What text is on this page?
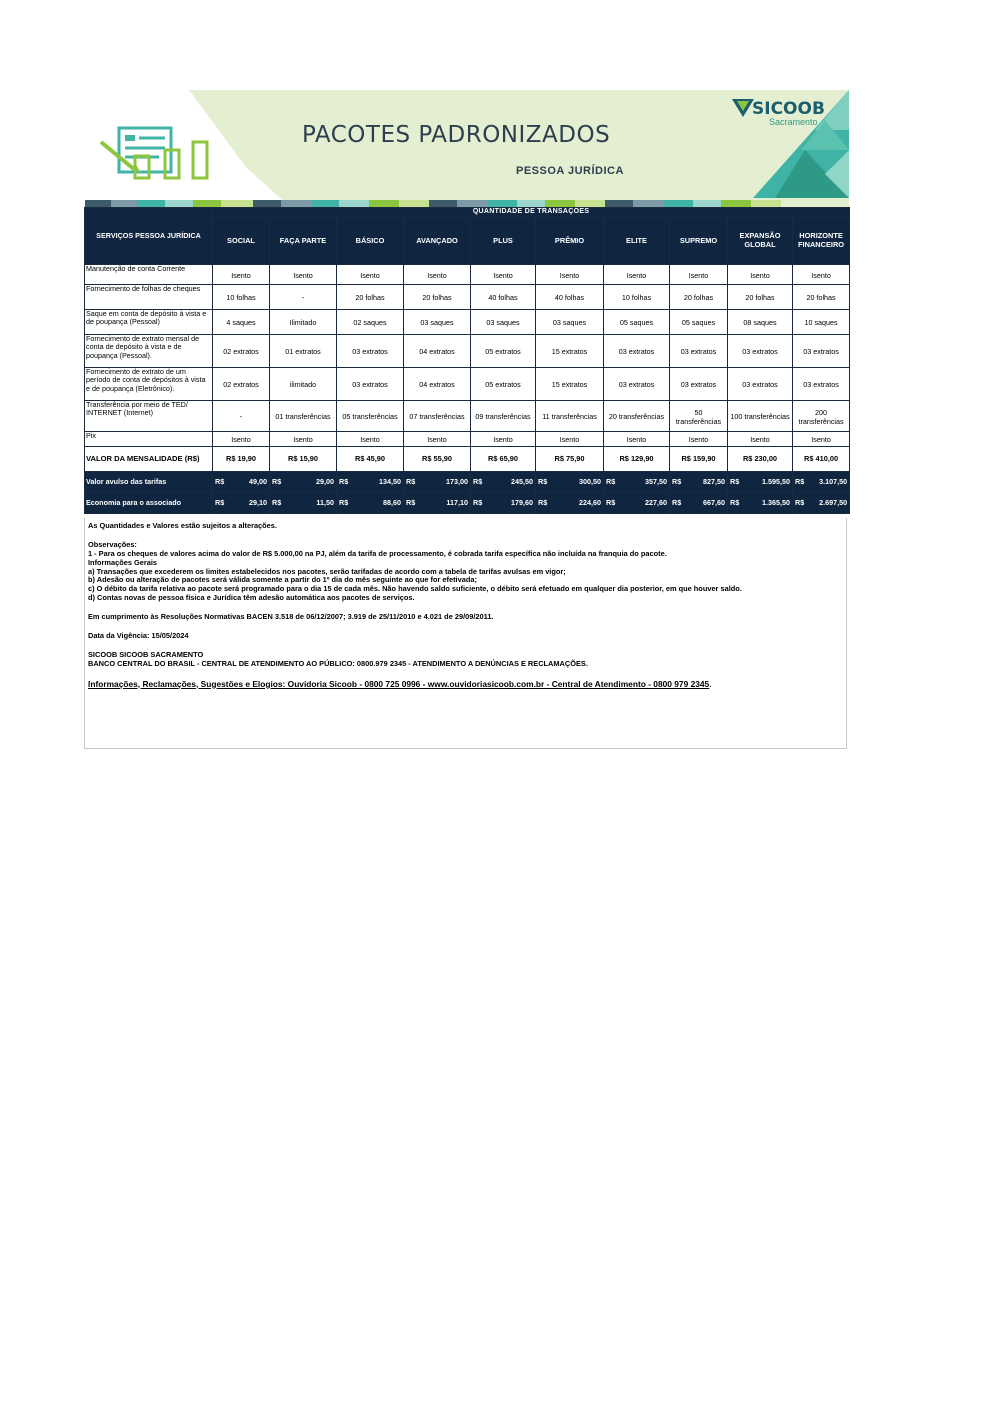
SICOOB
Sacramento
PACOTES PADRONIZADOS
PESSOA JURÍDICA
SERVIÇOS PESSOA JURÍDICA	QUANTIDADE DE TRANSAÇÕES									
	SOCIAL	FAÇA PARTE	BÁSICO	AVANÇADO	PLUS	PRÊMIO	ELITE	SUPREMO	EXPANSÃO GLOBAL	HORIZONTE FINANCEIRO
Manutenção de conta Corrente	Isento	Isento	Isento	Isento	Isento	Isento	Isento	Isento	Isento	Isento
Fornecimento de folhas de cheques	10 folhas	-	20 folhas	20 folhas	40 folhas	40 folhas	10 folhas	20 folhas	20 folhas	20 folhas
Saque em conta de depósito à vista e de poupança (Pessoal)	4 saques	Ilimitado	02 saques	03 saques	03 saques	03 saques	05 saques	05 saques	08 saques	10 saques
Fornecimento de extrato mensal de conta de depósito à vista e de poupança (Pessoal).	02 extratos	01 extratos	03 extratos	04 extratos	05 extratos	15 extratos	03 extratos	03 extratos	03 extratos	03 extratos
Fornecimento de extrato de um período de conta de depósitos à vista e de poupança (Eletrônico).	02 extratos	ilimitado	03 extratos	04 extratos	05 extratos	15 extratos	03 extratos	03 extratos	03 extratos	03 extratos
Transferência por meio de TED/ INTERNET (Internet)	-	01 transferências	05 transferências	07 transferências	09 transferências	11 transferências	20 transferências	50 transferências	100 transferências	200 transferências
Pix	Isento	Isento	Isento	Isento	Isento	Isento	Isento	Isento	Isento	Isento
VALOR DA MENSALIDADE (R$)	R$ 19,90	R$ 15,90	R$ 45,90	R$ 55,90	R$ 65,90	R$ 75,90	R$ 129,90	R$ 159,90	R$ 230,00	R$ 410,00
Valor avulso das tarifas	R$ 49,00	R$ 29,00	R$ 134,50	R$ 173,00	R$ 245,50	R$ 300,50	R$ 357,50	R$ 827,50	R$ 1.595,50	R$ 3.107,50

Economia para o associado	R$ 29,10	R$ 11,50	R$ 88,60	R$ 117,10	R$ 179,60	R$ 224,60	R$ 227,60	R$ 667,60	R$ 1.365,50	R$ 2.697,50

As Quantidades e Valores estão sujeitos a alterações.

Observações:

1 - Para os cheques de valores acima do valor de R$ 5.000,00 na PJ, além da tarifa de processamento, é cobrada tarifa específica não incluída na franquia do pacote.

Informações Gerais

a) Transações que excederem os limites estabelecidos nos pacotes, serão tarifadas de acordo com a tabela de tarifas avulsas em vigor;

b) Adesão ou alteração de pacotes será válida somente a partir do 1º dia do mês seguinte ao que for efetivada;

c) O débito da tarifa relativa ao pacote será programado para o dia 15 de cada mês. Não havendo saldo suficiente, o débito será efetuado em qualquer dia posterior, em que houver saldo.

d) Contas novas de pessoa física e Jurídica têm adesão automática aos pacotes de serviços.

Em cumprimento às Resoluções Normativas BACEN 3.518 de 06/12/2007; 3.919 de 25/11/2010 e 4.021 de 29/09/2011.

Data da Vigência: 15/05/2024

SICOOB SICOOB SACRAMENTO

BANCO CENTRAL DO BRASIL - CENTRAL DE ATENDIMENTO AO PÚBLICO: 0800.979 2345 - ATENDIMENTO A DENÚNCIAS E RECLAMAÇÕES.

Informações, Reclamações, Sugestões e Elogios: Ouvidoria Sicoob - 0800 725 0996 - www.ouvidoriasicoob.com.br - Central de Atendimento - 0800 979 2345.
